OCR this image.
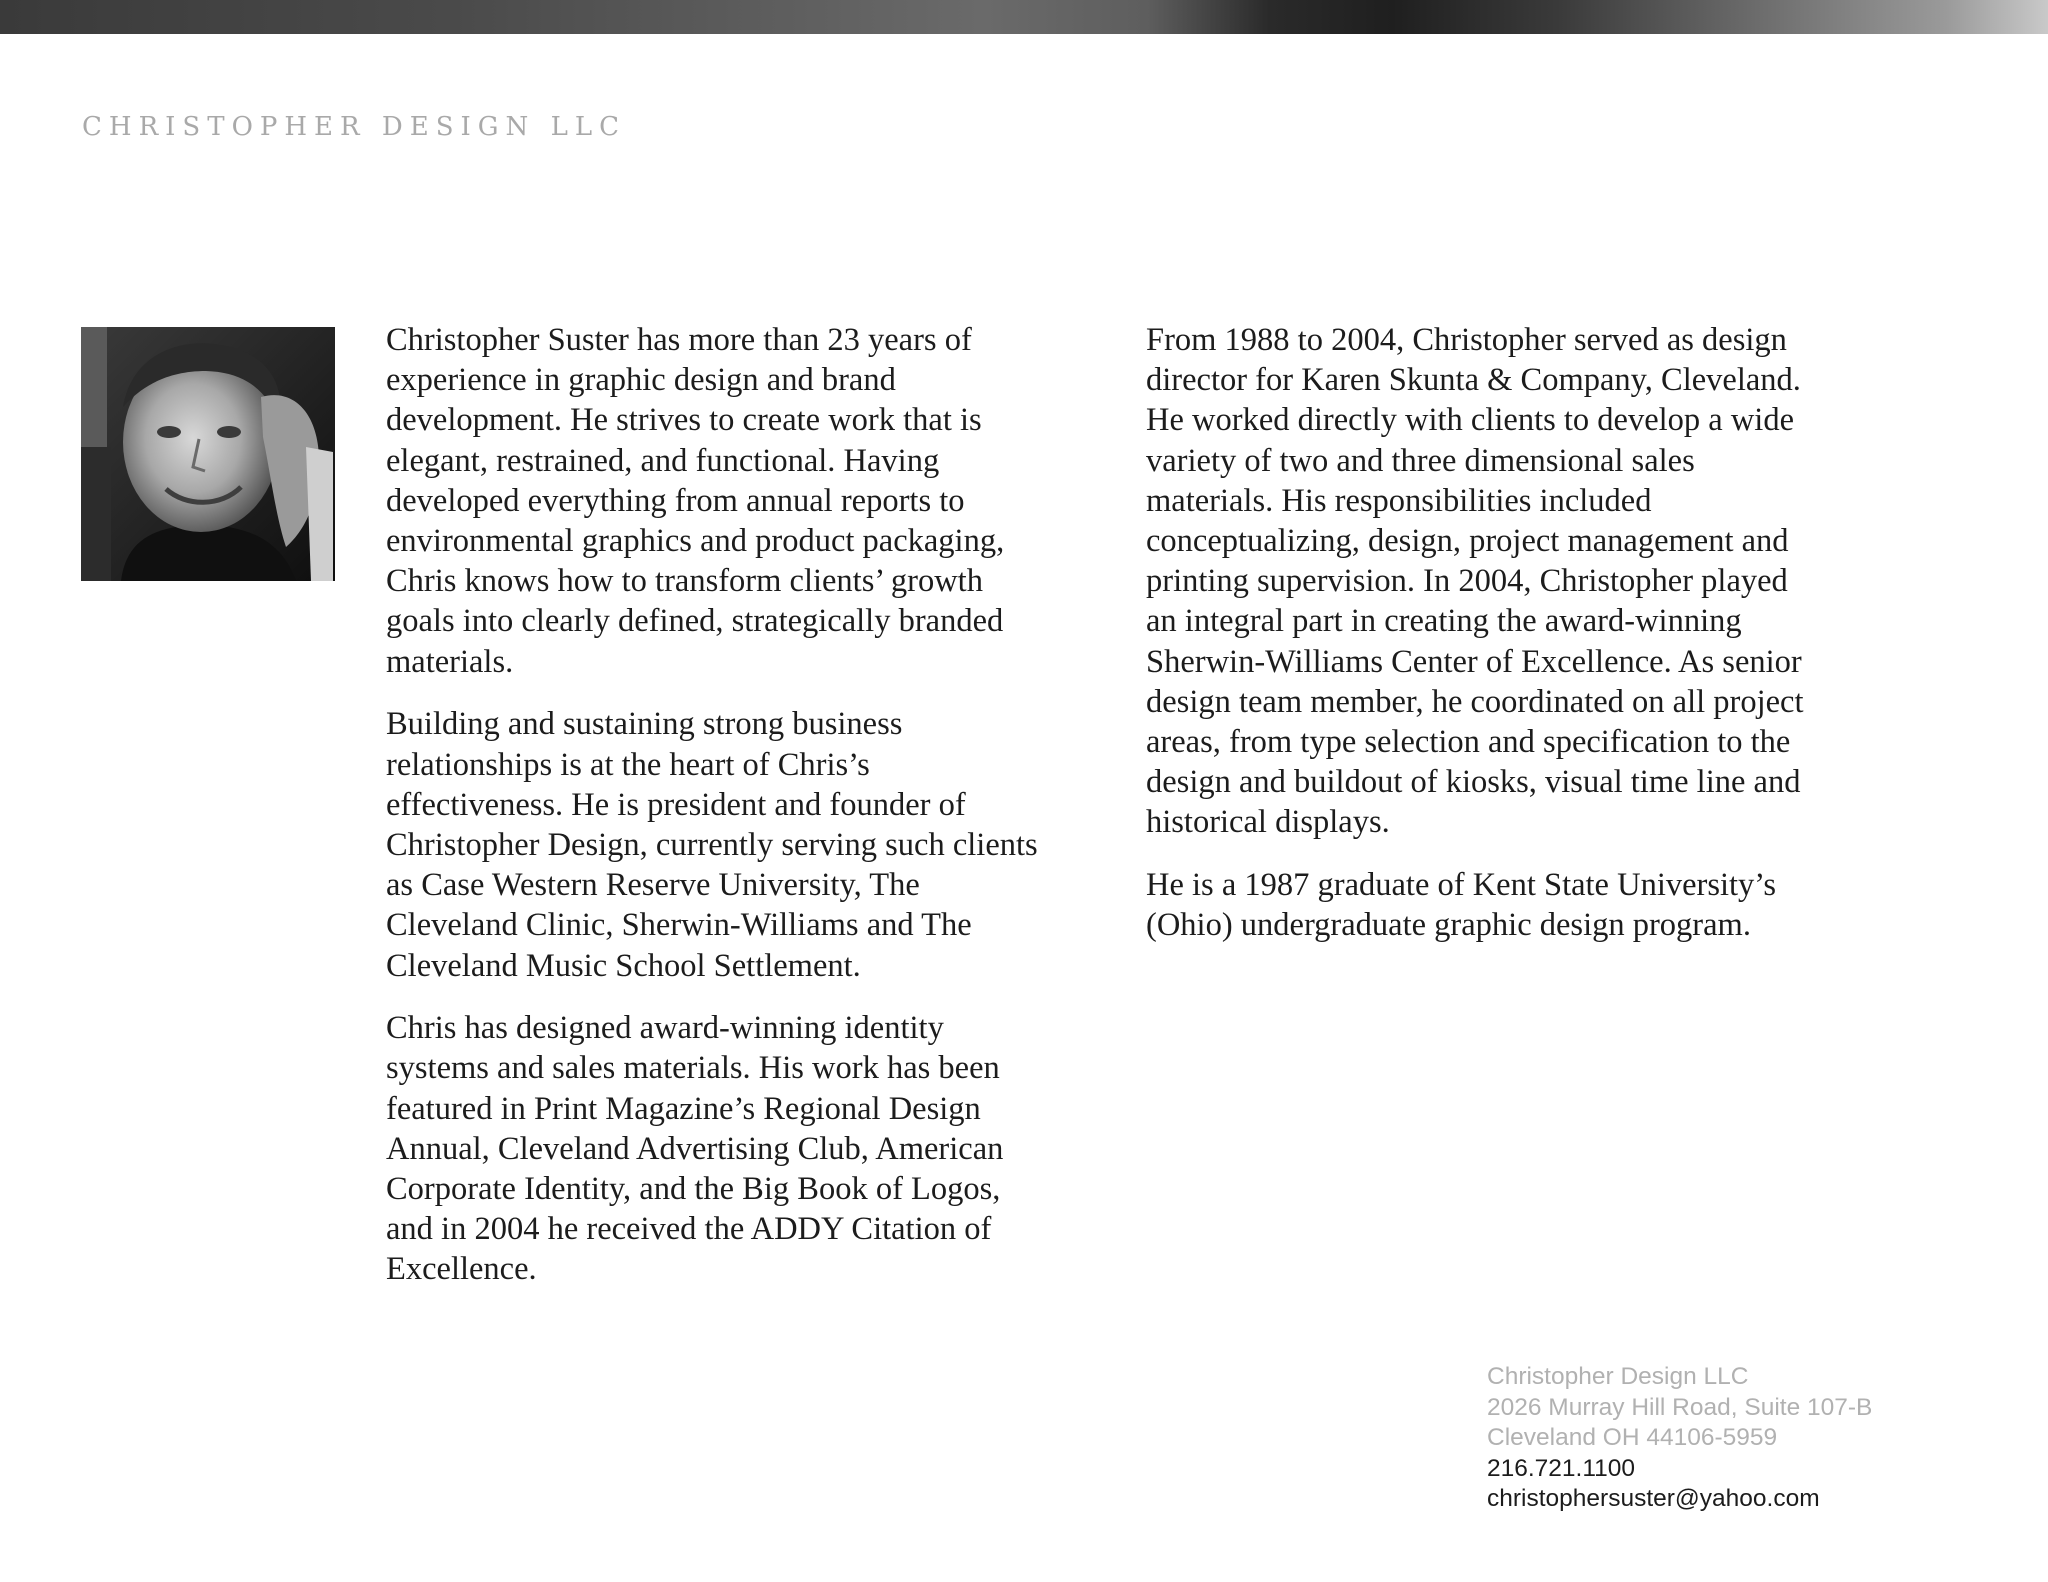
CHRISTOPHER DESIGN LLC

Christopher Suster has more than 23 years of experience in graphic design and brand development. He strives to create work that is elegant, restrained, and functional. Having developed everything from annual reports to environmental graphics and product packaging, Chris knows how to transform clients’ growth goals into clearly defined, strategically branded materials.

Building and sustaining strong business relationships is at the heart of Chris’s effectiveness. He is president and founder of Christopher Design, currently serving such clients as Case Western Reserve University, The Cleveland Clinic, Sherwin-Williams and The Cleveland Music School Settlement.

Chris has designed award-winning identity systems and sales materials. His work has been featured in Print Magazine’s Regional Design Annual, Cleveland Advertising Club, American Corporate Identity, and the Big Book of Logos, and in 2004 he received the ADDY Citation of Excellence.

From 1988 to 2004, Christopher served as design director for Karen Skunta & Company, Cleveland. He worked directly with clients to develop a wide variety of two and three dimensional sales materials. His responsibilities included conceptualizing, design, project management and printing supervision. In 2004, Christopher played an integral part in creating the award-winning Sherwin-Williams Center of Excellence. As senior design team member, he coordinated on all project areas, from type selection and specification to the design and buildout of kiosks, visual time line and historical displays.

He is a 1987 graduate of Kent State University’s (Ohio) undergraduate graphic design program.

Christopher Design LLC
2026 Murray Hill Road, Suite 107-B
Cleveland OH 44106-5959
216.721.1100
christophersuster@yahoo.com
